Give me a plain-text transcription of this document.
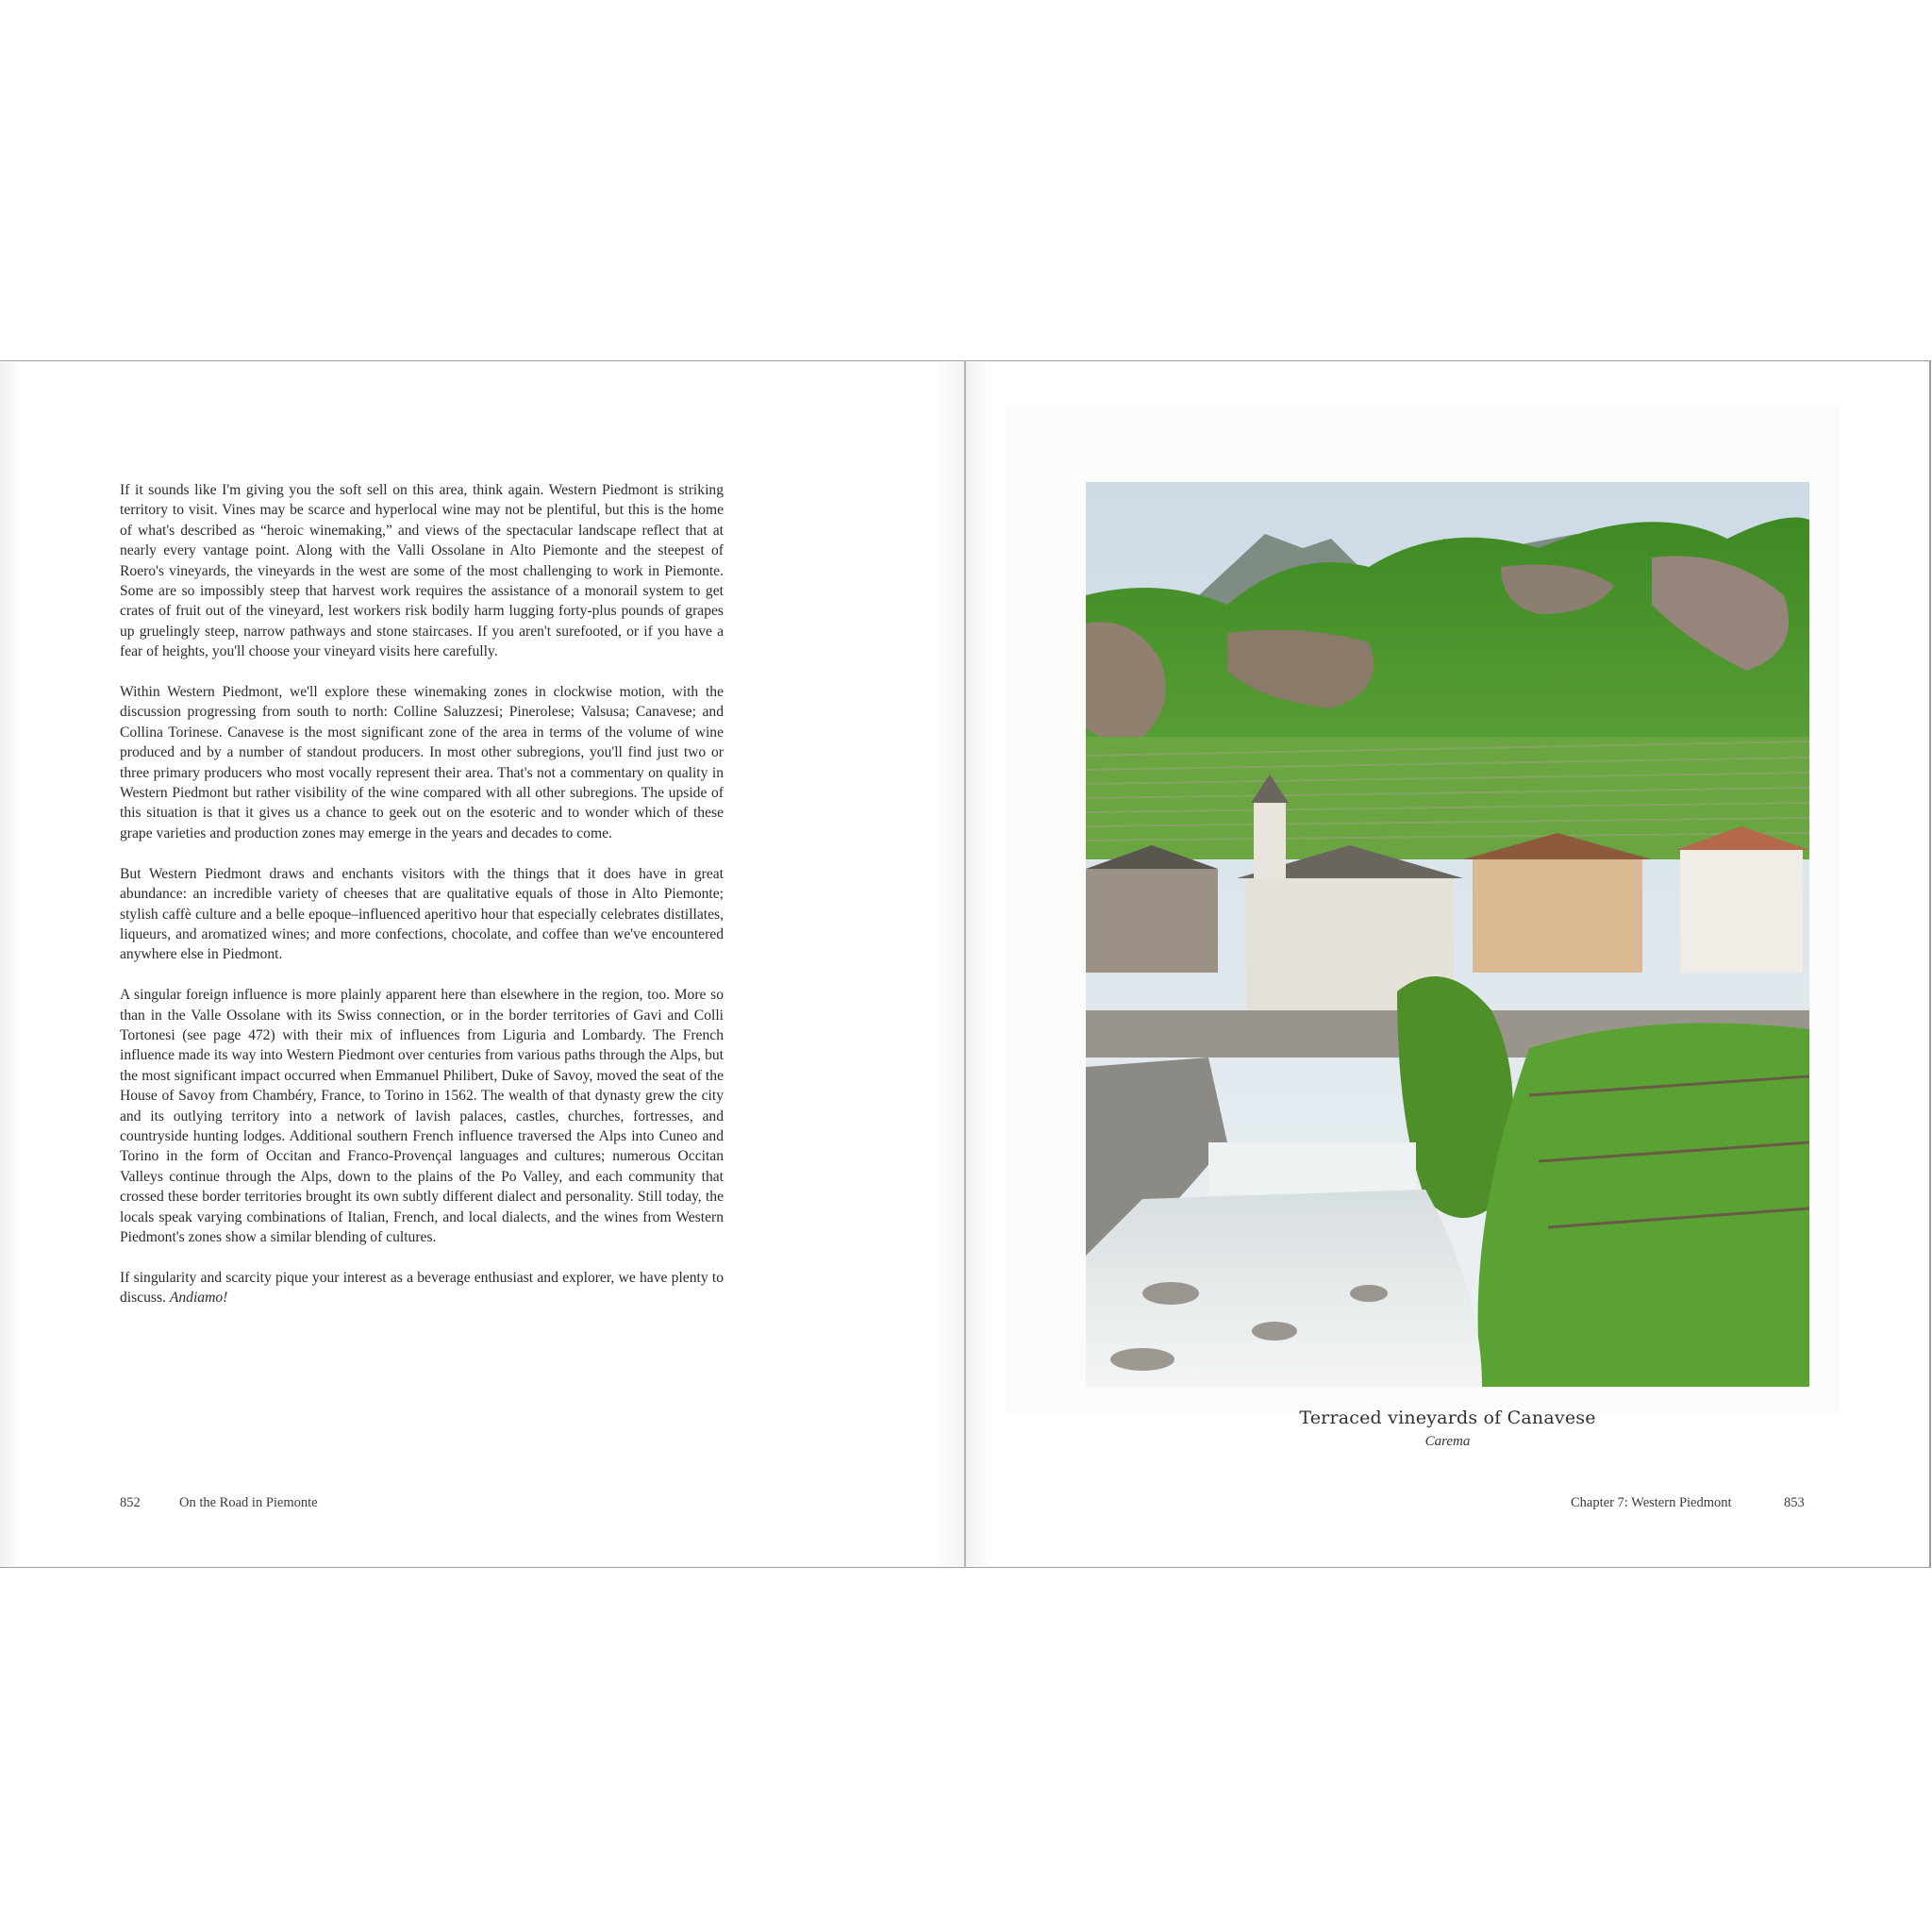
If it sounds like I'm giving you the soft sell on this area, think again. Western Piedmont is striking territory to visit. Vines may be scarce and hyperlocal wine may not be plentiful, but this is the home of what's described as “heroic winemaking,” and views of the spectacular landscape reflect that at nearly every vantage point. Along with the Valli Ossolane in Alto Piemonte and the steepest of Roero's vineyards, the vineyards in the west are some of the most challenging to work in Piemonte. Some are so impossibly steep that harvest work requires the assistance of a monorail system to get crates of fruit out of the vineyard, lest workers risk bodily harm lugging forty-plus pounds of grapes up gruelingly steep, narrow pathways and stone staircases. If you aren't surefooted, or if you have a fear of heights, you'll choose your vineyard visits here carefully.

Within Western Piedmont, we'll explore these winemaking zones in clockwise motion, with the discussion progressing from south to north: Colline Saluzzesi; Pinerolese; Valsusa; Canavese; and Collina Torinese. Canavese is the most significant zone of the area in terms of the volume of wine produced and by a number of standout producers. In most other subregions, you'll find just two or three primary producers who most vocally represent their area. That's not a commentary on quality in Western Piedmont but rather visibility of the wine compared with all other subregions. The upside of this situation is that it gives us a chance to geek out on the esoteric and to wonder which of these grape varieties and production zones may emerge in the years and decades to come.

But Western Piedmont draws and enchants visitors with the things that it does have in great abundance: an incredible variety of cheeses that are qualitative equals of those in Alto Piemonte; stylish caffè culture and a belle epoque–influenced aperitivo hour that especially celebrates distillates, liqueurs, and aromatized wines; and more confections, chocolate, and coffee than we've encountered anywhere else in Piedmont.

A singular foreign influence is more plainly apparent here than elsewhere in the region, too. More so than in the Valle Ossolane with its Swiss connection, or in the border territories of Gavi and Colli Tortonesi (see page 472) with their mix of influences from Liguria and Lombardy. The French influence made its way into Western Piedmont over centuries from various paths through the Alps, but the most significant impact occurred when Emmanuel Philibert, Duke of Savoy, moved the seat of the House of Savoy from Chambéry, France, to Torino in 1562. The wealth of that dynasty grew the city and its outlying territory into a network of lavish palaces, castles, churches, fortresses, and countryside hunting lodges. Additional southern French influence traversed the Alps into Cuneo and Torino in the form of Occitan and Franco-Provençal languages and cultures; numerous Occitan Valleys continue through the Alps, down to the plains of the Po Valley, and each community that crossed these border territories brought its own subtly different dialect and personality. Still today, the locals speak varying combinations of Italian, French, and local dialects, and the wines from Western Piedmont's zones show a similar blending of cultures.

If singularity and scarcity pique your interest as a beverage enthusiast and explorer, we have plenty to discuss. Andiamo!

852	On the Road in Piemonte
Terraced vineyards of Canavese
Carema
Chapter 7: Western Piedmont	853
